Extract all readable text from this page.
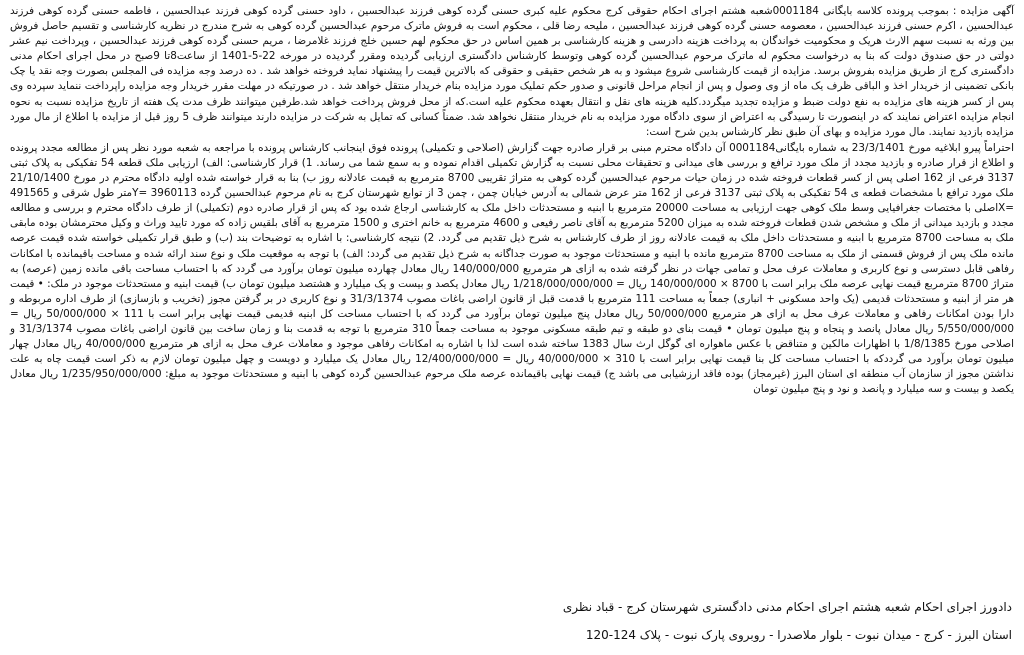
آگهی مزایده : بموجب پرونده کلاسه بایگانی 0001184شعبه هشتم اجرای احکام حقوقی کرج محکوم علیه کبری حسنی گرده کوهی فرزند عبدالحسین ، داود حسنی گرده کوهی فرزند عبدالحسین ، فاطمه حسنی گرده کوهی فرزند عبدالحسین ، اکرم حسنی فرزند عبدالحسین ، معصومه حسنی گرده کوهی فرزند عبدالحسین ، ملیحه رضا قلی ، محکوم است به فروش ماترک مرحوم عبدالحسین گرده کوهی به شرح مندرج در نظریه کارشناسی و تقسیم حاصل فروش بین ورثه به نسبت سهم الارث هریک و محکومیت خواندگان به پرداخت هزینه دادرسی و هزینه کارشناسی بر همین اساس در حق محکوم لهم حسین خلج فرزند غلامرضا ، مریم حسنی گرده کوهی فرزند عبدالحسین ، وپرداخت نیم عشر دولتی در حق صندوق دولت که بنا به درخواست محکوم له ماترک مرحوم عبدالحسین گرده کوهی وتوسط کارشناس دادگستری ارزیابی گردیده ومقرر گردیده در مورخه 22-5-1401 از ساعت8تا 9صبح در محل اجرای احکام مدنی دادگستری کرج از طریق مزایده بفروش برسد. مزایده از قیمت کارشناسی شروع میشود و به هر شخص حقیقی و حقوقی که بالاترین قیمت را پیشنهاد نماید فروخته خواهد شد . ده درصد وجه مزایده فی المجلس بصورت وجه نقد یا چک بانکی تضمینی از خریدار اخذ و الباقی ظرف یک ماه از وی وصول و پس از انجام مراحل قانونی و صدور حکم تملیک مورد مزایده بنام خریدار منتقل خواهد شد . در صورتیکه در مهلت مقرر خریدار وجه مزایده راپرداخت ننماید سپرده وی پس از کسر هزینه های مزایده به نفع دولت ضبط و مزایده تجدید میگردد.کلیه هزینه های نقل و انتقال بعهده محکوم علیه است.که از محل فروش پرداخت خواهد شد.طرفین میتوانند ظرف مدت یک هفته از تاریخ مزایده نسبت به نحوه انجام مزایده اعتراض نمایند که در اینصورت تا رسیدگی به اعتراض از سوی دادگاه مورد مزایده به نام خریدار منتقل نخواهد شد. ضمناً کسانی که تمایل به شرکت در مزایده دارند میتوانند ظرف 5 روز قبل از مزایده با اطلاع از مال مورد مزایده بازدید نمایند. مال مورد مزایده و بهای آن طبق نظر کارشناس بدین شرح است:

احتراماً پیرو ابلاغیه مورخ 23/3/1401 به شماره بایگانی0001184 آن دادگاه محترم مبنی بر قرار صادره جهت گزارش (اصلاحی و تکمیلی) پرونده فوق اینجانب کارشناس پرونده با مراجعه به شعبه مورد نظر پس از مطالعه مجدد پرونده و اطلاع از قرار صادره و بازدید مجدد از ملک مورد ترافع و بررسی های میدانی و تحقیقات محلی نسبت به گزارش تکمیلی اقدام نموده و به سمع شما می رساند. 1) قرار کارشناسی: الف) ارزیابی ملک قطعه 54 تفکیکی به پلاک ثبتی 3137 فرعی از 162 اصلی پس از کسر قطعات فروخته شده در زمان حیات مرحوم عبدالحسین گرده کوهی به متراژ تقریبی 8700 مترمربع به قیمت عادلانه روز ب) بنا به قرار خواسته شده اولیه دادگاه محترم در مورخ 21/10/1400 ملک مورد ترافع با مشخصات قطعه ی 54 تفکیکی به پلاک ثبتی 3137 فرعی از 162 متر عرض شمالی به آدرس خیابان چمن ، چمن 3 از توابع شهرستان کرج به نام مرحوم عبدالحسین گرده 3960113 =Yمتر طول شرقی و 491565 =Xاصلی با مختصات جغرافیایی وسط ملک کوهی جهت ارزیابی به مساحت 20000 مترمربع با ابنیه و مستحدثات داخل ملک به کارشناسی ارجاع شده بود که پس از قرار صادره دوم (تکمیلی) از طرف دادگاه محترم و بررسی و مطالعه مجدد و بازدید میدانی از ملک و مشخص شدن قطعات فروخته شده به میزان 5200 مترمربع به آقای ناصر رفیعی و 4600 مترمربع به خانم اختری و 1500 مترمربع به آقای بلقیس زاده که مورد تایید وراث و وکیل محترمشان بوده مابقی ملک به مساحت 8700 مترمربع با ابنیه و مستحدثات داخل ملک به قیمت عادلانه روز از طرف کارشناس به شرح ذیل تقدیم می گردد. 2) نتیجه کارشناسی: با اشاره به توضیحات بند (ب) و طبق قرار تکمیلی خواسته شده قیمت عرصه مانده ملک پس از فروش قسمتی از ملک به مساحت 8700 مترمربع مانده با ابنیه و مستحدثات موجود به صورت جداگانه به شرح ذیل تقدیم می گردد: الف) با توجه به موقعیت ملک و نوع سند ارائه شده و مساحت باقیمانده با امکانات رفاهی قابل دسترسی و نوع کاربری و معاملات عرف محل و تمامی جهات در نظر گرفته شده به ازای هر مترمربع 140/000/000 ریال معادل چهارده میلیون تومان برآورد می گردد که با احتساب مساحت باقی مانده زمین (عرصه) به متراژ 8700 مترمربع قیمت نهایی عرصه ملک برابر است با 8700 × 140/000/000 ریال = 1/218/000/000/000 ریال معادل یکصد و بیست و یک میلیارد و هشتصد میلیون تومان ب) قیمت ابنیه و مستحدثات موجود در ملک: • قیمت هر متر از ابنیه و مستحدثات قدیمی (یک واحد مسکونی + انباری) جمعاً به مساحت 111 مترمربع با قدمت قبل از قانون اراضی باغات مصوب 31/3/1374 و نوع کاربری در بر گرفتن مجوز (تخریب و بازسازی) از طرف اداره مربوطه و دارا بودن امکانات رفاهی و معاملات عرف محل به ازای هر مترمربع 50/000/000 ریال معادل پنج میلیون تومان برآورد می گردد که با احتساب مساحت کل ابنیه قدیمی قیمت نهایی برابر است با 111 × 50/000/000 ریال = 5/550/000/000 ریال معادل پانصد و پنجاه و پنج میلیون تومان • قیمت بنای دو طبقه و تیم طبقه مسکونی موجود به مساحت جمعاً 310 مترمربع با توجه به قدمت بنا و زمان ساخت بین قانون اراضی باغات مصوب 31/3/1374 و اصلاحی مورخ 1/8/1385 با اظهارات مالکین و متناقض با عکس ماهواره ای گوگل ارث سال 1383 ساخته شده است لذا با اشاره به امکانات رفاهی موجود و معاملات عرف محل به ازای هر مترمربع 40/000/000 ریال معادل چهار میلیون تومان برآورد می گرددکه با احتساب مساحت کل بنا قیمت نهایی برابر است با 310 × 40/000/000 ریال = 12/400/000/000 ریال معادل یک میلیارد و دویست و چهل میلیون تومان لازم به ذکر است قیمت چاه به علت نداشتن مجوز از سازمان آب منطقه ای استان البرز (غیرمجاز) بوده فاقد ارزشیابی می باشد ج) قیمت نهایی باقیمانده عرصه ملک مرحوم عبدالحسین گرده کوهی با ابنیه و مستحدثات موجود به مبلغ: 1/235/950/000/000 ریال معادل یکصد و بیست و سه میلیارد و پانصد و نود و پنج میلیون تومان

دادورز اجرای احکام شعبه هشتم اجرای احکام مدنی دادگستری شهرستان کرج - قباد نظری
استان البرز - کرج - میدان نبوت - بلوار ملاصدرا - روبروی پارک نبوت - پلاک 124-120
